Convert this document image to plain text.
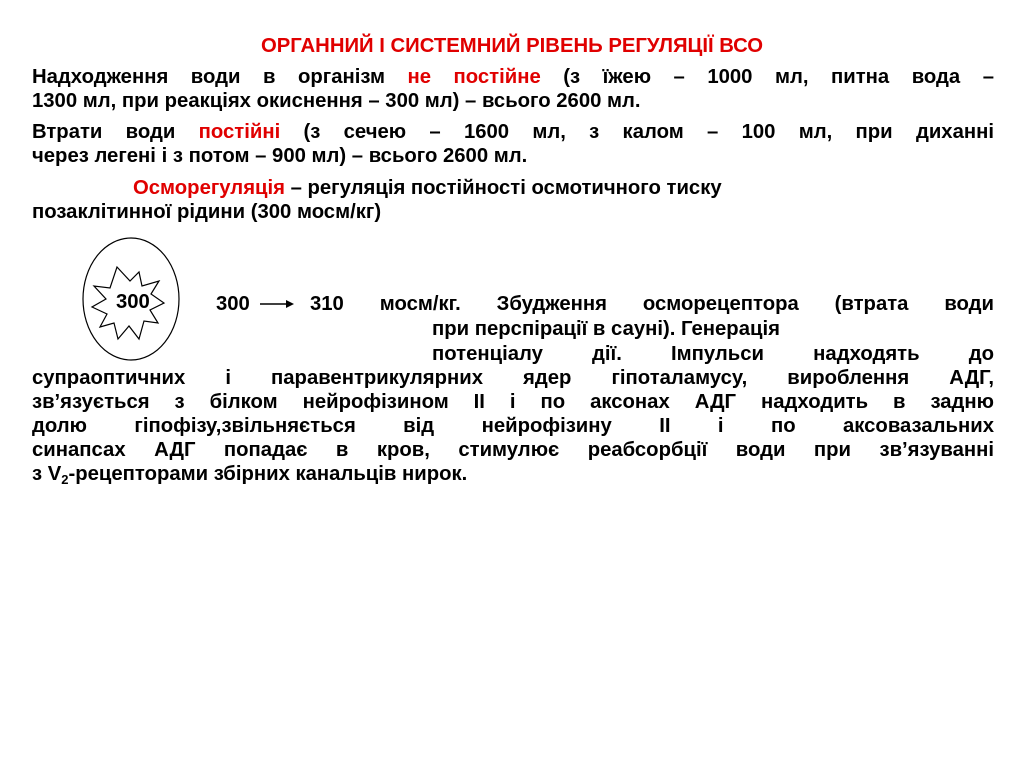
ОРГАННИЙ І СИСТЕМНИЙ РІВЕНЬ РЕГУЛЯЦІЇ ВСО
Надходження води в організм не постійне (з їжею – 1000 мл, питна вода –
1300 мл, при реакціях окиснення – 300 мл) – всього 2600 мл.
Втрати води постійні (з сечею – 1600 мл, з калом – 100 мл, при диханні
через легені і з потом – 900 мл) – всього 2600 мл.
Осморегуляція – регуляція постійності осмотичного тиску
позаклітинної рідини (300 мосм/кг)
300	300	310 мосм/кг. Збудження осморецептора (втрата води
при перспірації в сауні). Генерація
потенціалу дії. Імпульси надходять до
супраоптичних і паравентрикулярних ядер гіпоталамусу, вироблення АДГ,
зв’язується з білком нейрофізином ІІ і по аксонах АДГ надходить в задню
долю гіпофізу,звільняється від нейрофізину ІІ і по аксовазальних
синапсах АДГ попадає в кров, стимулює реабсорбції води при зв’язуванні
з $V_2$-рецепторами збірних канальців нирок.
